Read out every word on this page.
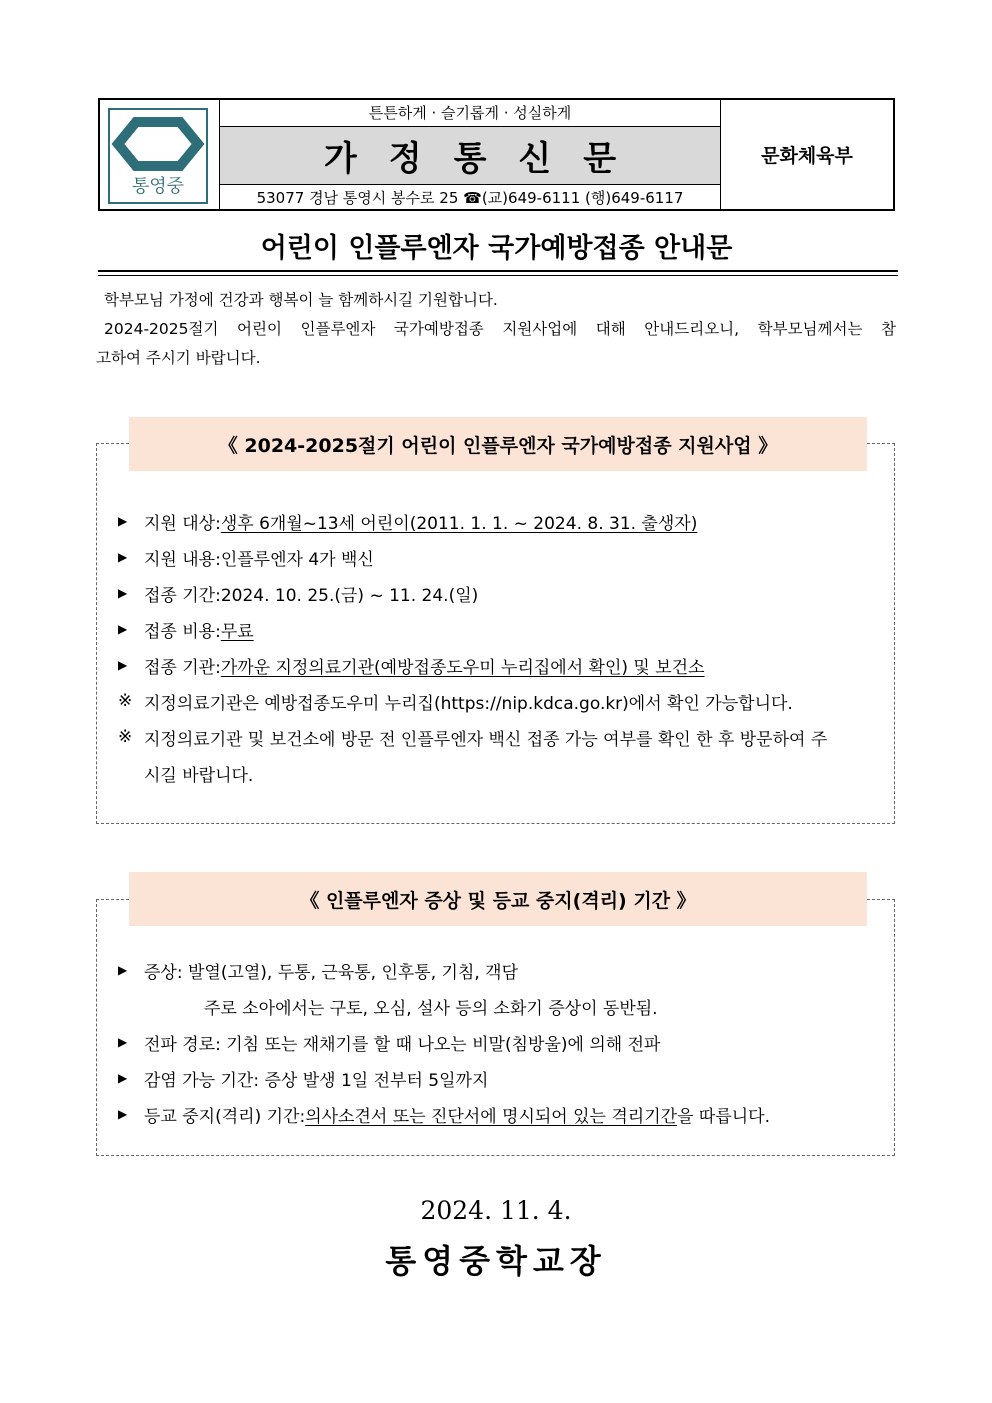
통영중
튼튼하게 · 슬기롭게 · 성실하게
가정통신문
53077 경남 통영시 봉수로 25 ☎(교)649-6111 (행)649-6117
문화체육부
어린이 인플루엔자 국가예방접종 안내문

학부모님 가정에 건강과 행복이 늘 함께하시길 기원합니다.

2024-2025절기 어린이 인플루엔자 국가예방접종 지원사업에 대해 안내드리오니, 학부모님께서는 참

고하여 주시기 바랍니다.

《 2024-2025절기 어린이 인플루엔자 국가예방접종 지원사업 》
▶ 지원 대상: 생후 6개월~13세 어린이(2011. 1. 1. ~ 2024. 8. 31. 출생자)
▶ 지원 내용: 인플루엔자 4가 백신
▶ 접종 기간: 2024. 10. 25.(금) ~ 11. 24.(일)
▶ 접종 비용: 무료
▶ 접종 기관: 가까운 지정의료기관(예방접종도우미 누리집에서 확인) 및 보건소
※ 지정의료기관은 예방접종도우미 누리집(https://nip.kdca.go.kr)에서 확인 가능합니다.
※ 지정의료기관 및 보건소에 방문 전 인플루엔자 백신 접종 가능 여부를 확인 한 후 방문하여 주
시길 바랍니다.
《 인플루엔자 증상 및 등교 중지(격리) 기간 》
▶ 증상: 발열(고열), 두통, 근육통, 인후통, 기침, 객담
주로 소아에서는 구토, 오심, 설사 등의 소화기 증상이 동반됨.
▶ 전파 경로: 기침 또는 재채기를 할 때 나오는 비말(침방울)에 의해 전파
▶ 감염 가능 기간: 증상 발생 1일 전부터 5일까지
▶ 등교 중지(격리) 기간: 의사소견서 또는 진단서에 명시되어 있는 격리기간 을 따릅니다.
2024. 11. 4.
통영중학교장
